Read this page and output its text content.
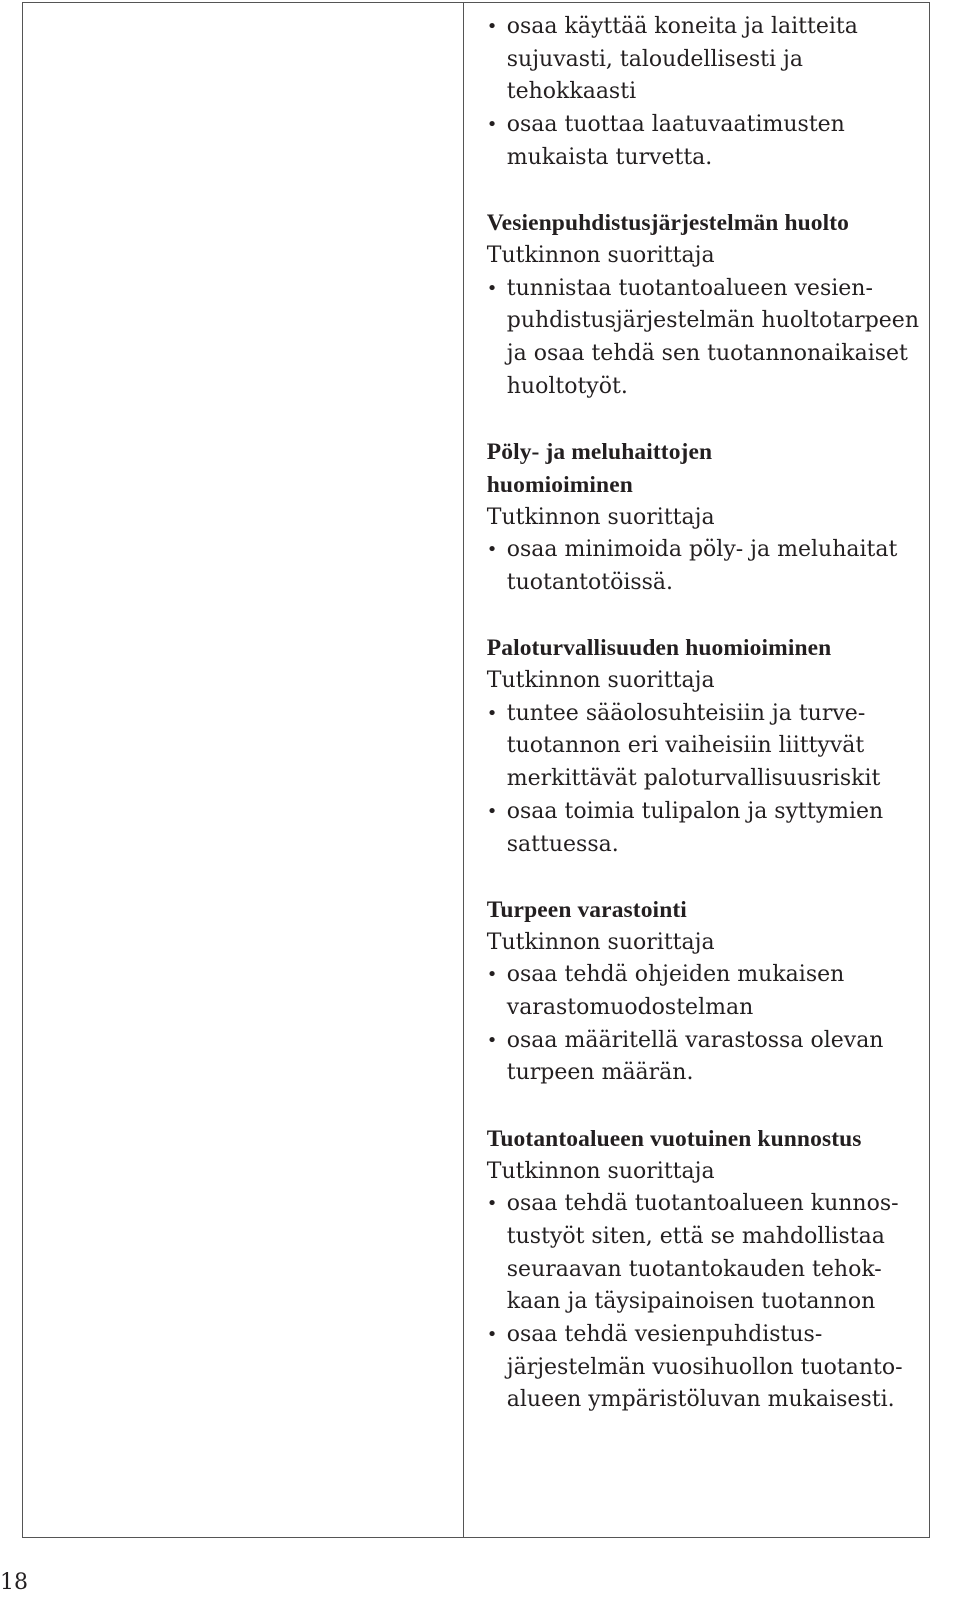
• osaa käyttää koneita ja laitteita
sujuvasti, taloudellisesti ja
tehokkaasti
• osaa tuottaa laatuvaatimusten
mukaista turvetta.
Vesienpuhdistusjärjestelmän huolto
Tutkinnon suorittaja
• tunnistaa tuotantoalueen vesien-
puhdistusjärjestelmän huoltotarpeen
ja osaa tehdä sen tuotannonaikaiset
huoltotyöt.
Pöly- ja meluhaittojen
huomioiminen
Tutkinnon suorittaja
• osaa minimoida pöly- ja meluhaitat
tuotantotöissä.
Paloturvallisuuden huomioiminen
Tutkinnon suorittaja
• tuntee sääolosuhteisiin ja turve-
tuotannon eri vaiheisiin liittyvät
merkittävät paloturvallisuusriskit
• osaa toimia tulipalon ja syttymien
sattuessa.
Turpeen varastointi
Tutkinnon suorittaja
• osaa tehdä ohjeiden mukaisen
varastomuodostelman
• osaa määritellä varastossa olevan
turpeen määrän.
Tuotantoalueen vuotuinen kunnostus
Tutkinnon suorittaja
• osaa tehdä tuotantoalueen kunnos-
tustyöt siten, että se mahdollistaa
seuraavan tuotantokauden tehok-
kaan ja täysipainoisen tuotannon
• osaa tehdä vesienpuhdistus-
järjestelmän vuosihuollon tuotanto-
alueen ympäristöluvan mukaisesti.
18
